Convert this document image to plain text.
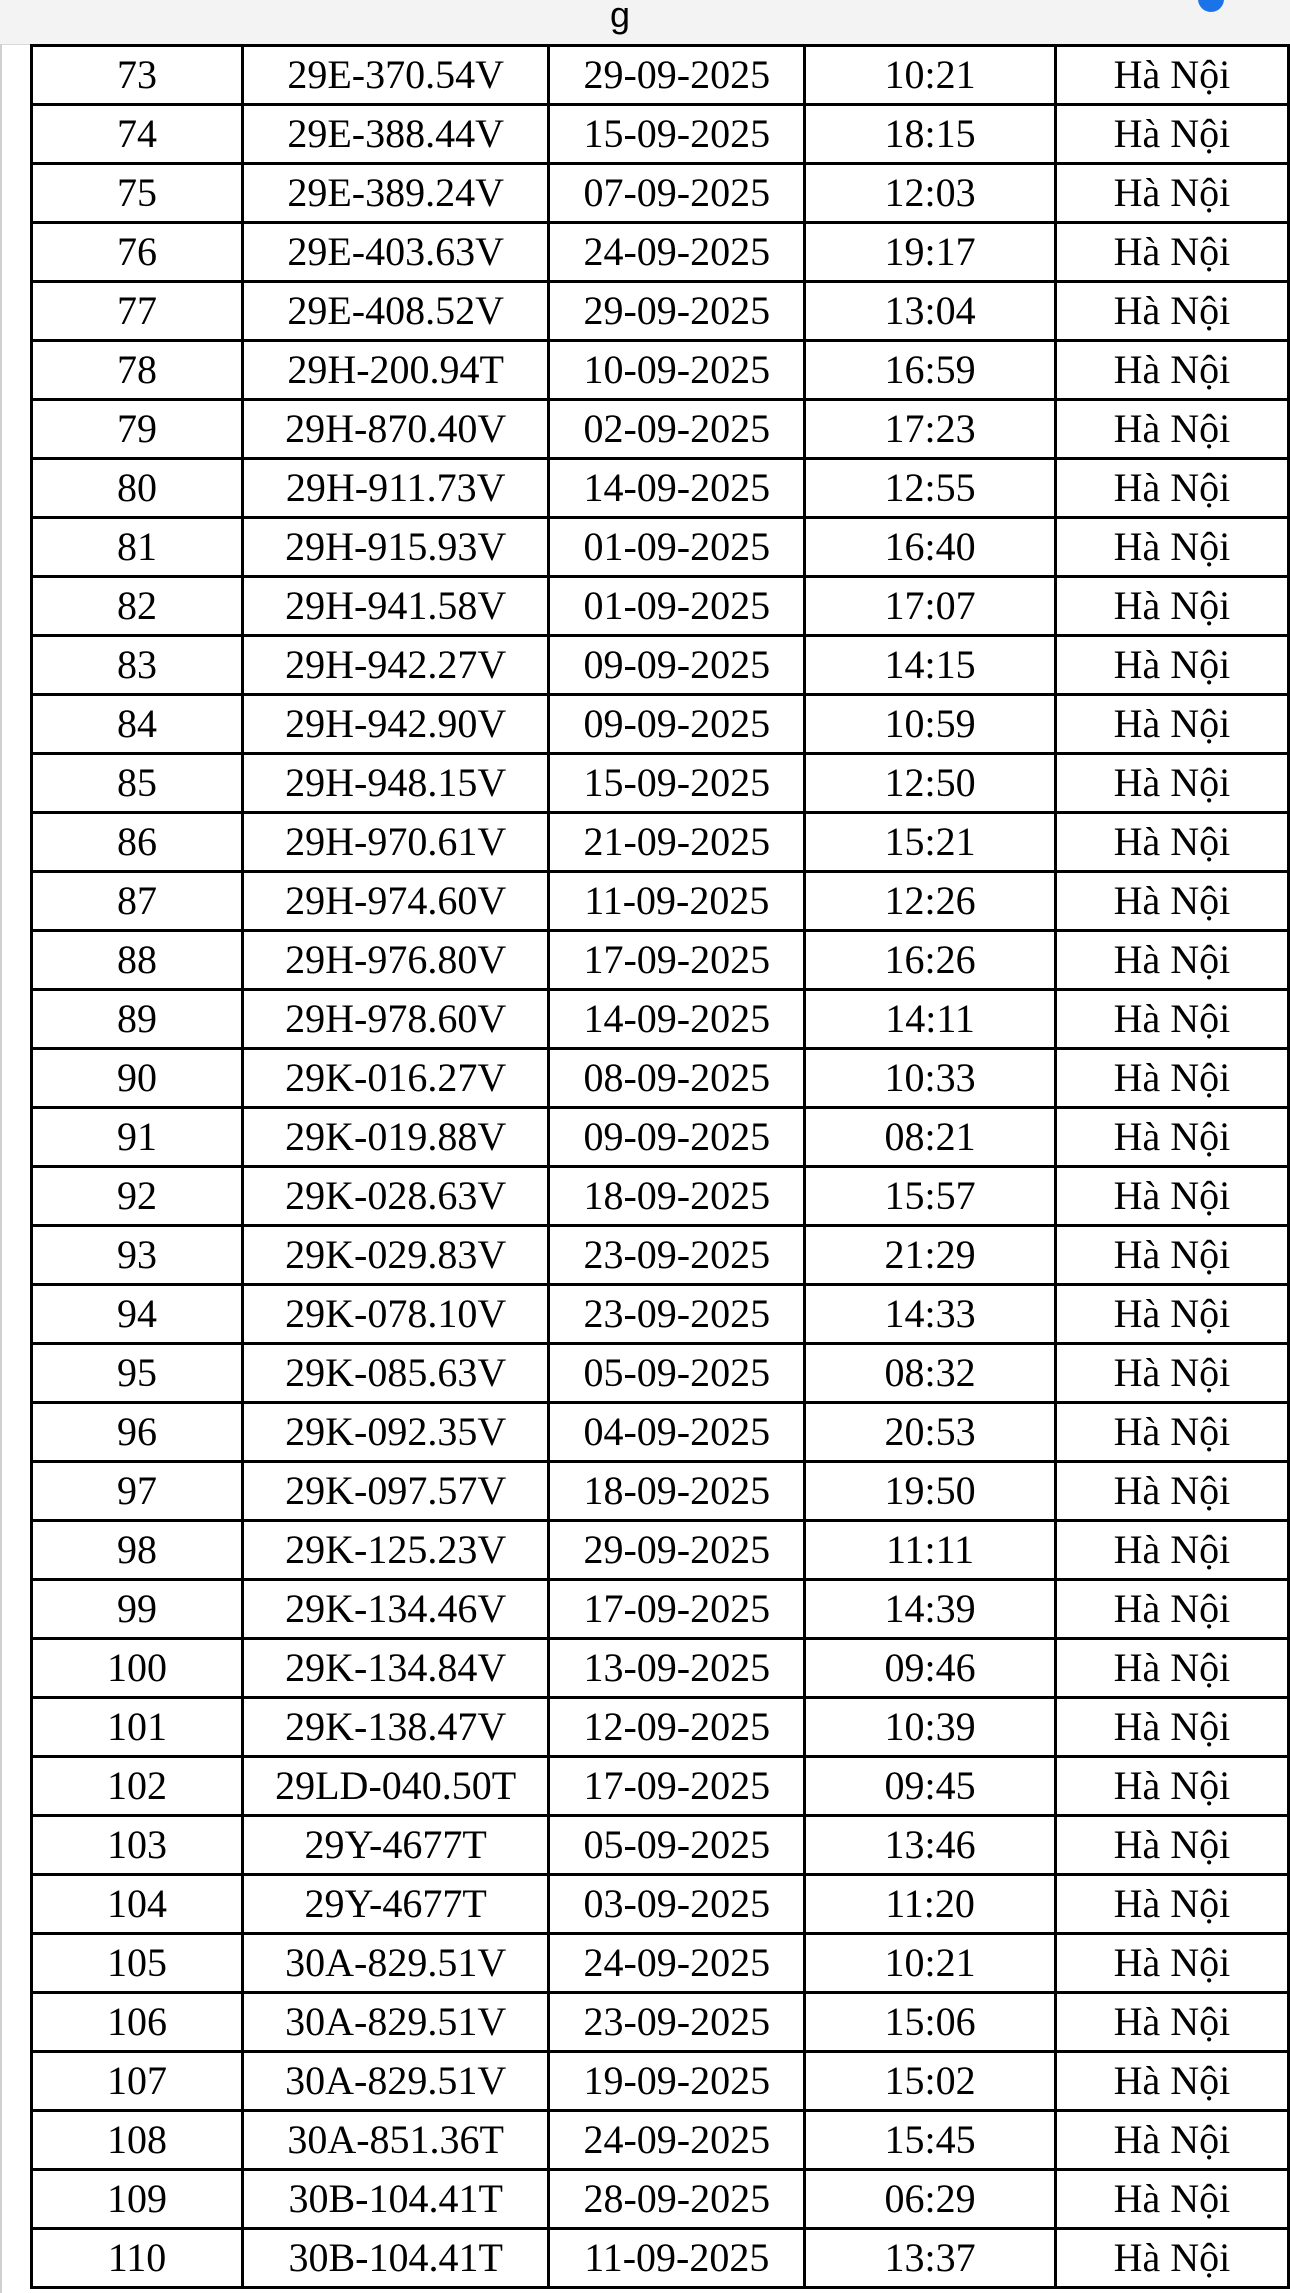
g
73	29E-370.54V	29-09-2025	10:21	Hà Nội
74	29E-388.44V	15-09-2025	18:15	Hà Nội
75	29E-389.24V	07-09-2025	12:03	Hà Nội
76	29E-403.63V	24-09-2025	19:17	Hà Nội
77	29E-408.52V	29-09-2025	13:04	Hà Nội
78	29H-200.94T	10-09-2025	16:59	Hà Nội
79	29H-870.40V	02-09-2025	17:23	Hà Nội
80	29H-911.73V	14-09-2025	12:55	Hà Nội
81	29H-915.93V	01-09-2025	16:40	Hà Nội
82	29H-941.58V	01-09-2025	17:07	Hà Nội
83	29H-942.27V	09-09-2025	14:15	Hà Nội
84	29H-942.90V	09-09-2025	10:59	Hà Nội
85	29H-948.15V	15-09-2025	12:50	Hà Nội
86	29H-970.61V	21-09-2025	15:21	Hà Nội
87	29H-974.60V	11-09-2025	12:26	Hà Nội
88	29H-976.80V	17-09-2025	16:26	Hà Nội
89	29H-978.60V	14-09-2025	14:11	Hà Nội
90	29K-016.27V	08-09-2025	10:33	Hà Nội
91	29K-019.88V	09-09-2025	08:21	Hà Nội
92	29K-028.63V	18-09-2025	15:57	Hà Nội
93	29K-029.83V	23-09-2025	21:29	Hà Nội
94	29K-078.10V	23-09-2025	14:33	Hà Nội
95	29K-085.63V	05-09-2025	08:32	Hà Nội
96	29K-092.35V	04-09-2025	20:53	Hà Nội
97	29K-097.57V	18-09-2025	19:50	Hà Nội
98	29K-125.23V	29-09-2025	11:11	Hà Nội
99	29K-134.46V	17-09-2025	14:39	Hà Nội
100	29K-134.84V	13-09-2025	09:46	Hà Nội
101	29K-138.47V	12-09-2025	10:39	Hà Nội
102	29LD-040.50T	17-09-2025	09:45	Hà Nội
103	29Y-4677T	05-09-2025	13:46	Hà Nội
104	29Y-4677T	03-09-2025	11:20	Hà Nội
105	30A-829.51V	24-09-2025	10:21	Hà Nội
106	30A-829.51V	23-09-2025	15:06	Hà Nội
107	30A-829.51V	19-09-2025	15:02	Hà Nội
108	30A-851.36T	24-09-2025	15:45	Hà Nội
109	30B-104.41T	28-09-2025	06:29	Hà Nội
110	30B-104.41T	11-09-2025	13:37	Hà Nội
